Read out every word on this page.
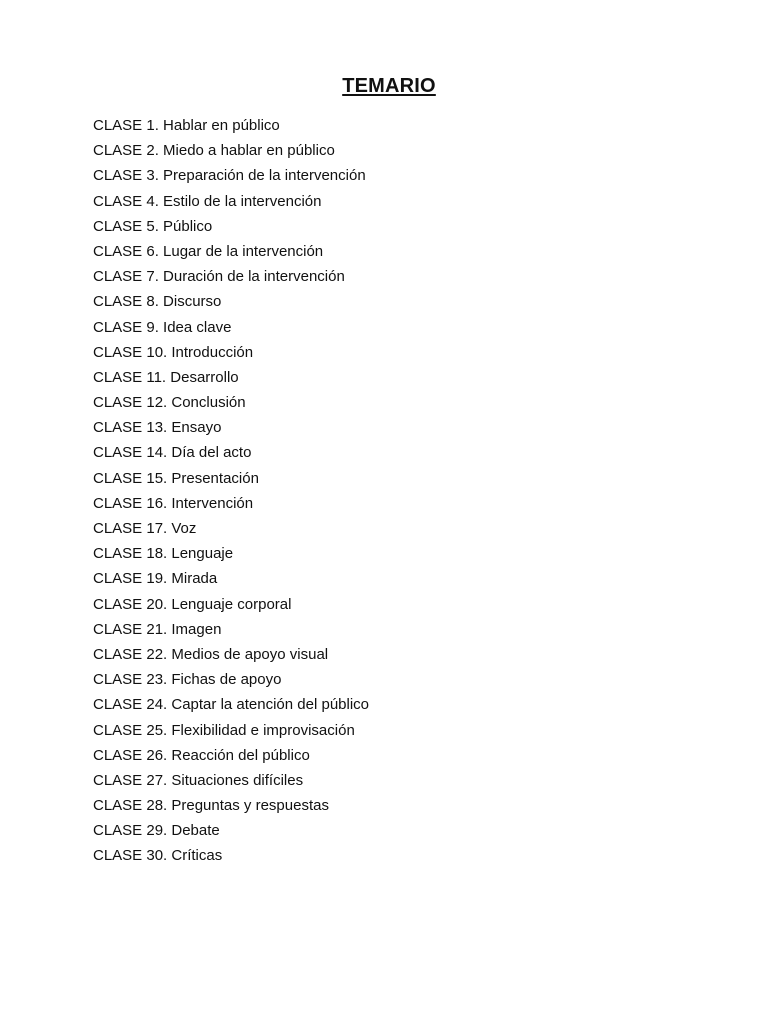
TEMARIO
CLASE 1. Hablar en público
CLASE 2. Miedo a hablar en público
CLASE 3. Preparación de la intervención
CLASE 4. Estilo de la intervención
CLASE 5. Público
CLASE 6. Lugar de la intervención
CLASE 7. Duración de la intervención
CLASE 8. Discurso
CLASE 9. Idea clave
CLASE 10. Introducción
CLASE 11. Desarrollo
CLASE 12. Conclusión
CLASE 13. Ensayo
CLASE 14. Día del acto
CLASE 15. Presentación
CLASE 16. Intervención
CLASE 17. Voz
CLASE 18. Lenguaje
CLASE 19. Mirada
CLASE 20. Lenguaje corporal
CLASE 21. Imagen
CLASE 22. Medios de apoyo visual
CLASE 23. Fichas de apoyo
CLASE 24. Captar la atención del público
CLASE 25. Flexibilidad e improvisación
CLASE 26. Reacción del público
CLASE 27. Situaciones difíciles
CLASE 28. Preguntas y respuestas
CLASE 29. Debate
CLASE 30. Críticas
